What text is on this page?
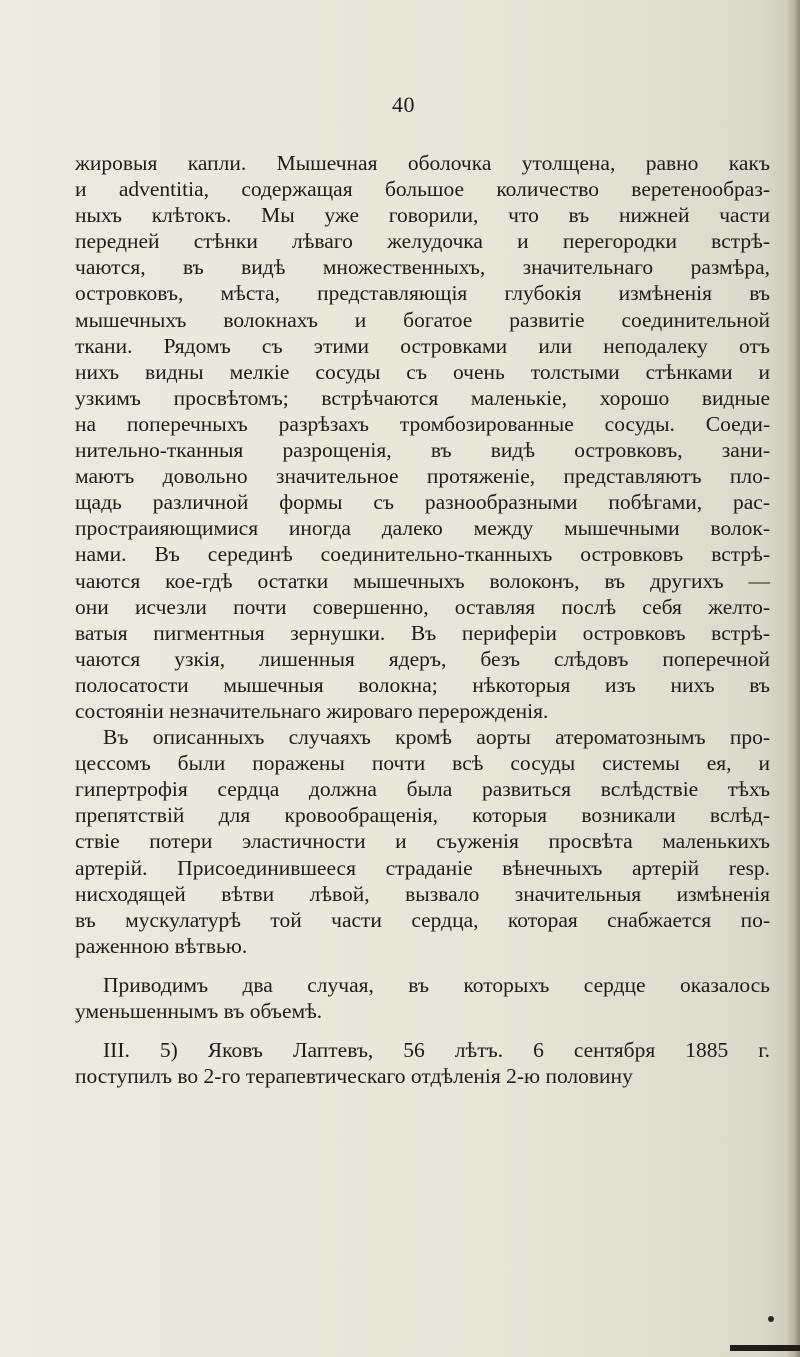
40
жировыя капли. Мышечная оболочка утолщена, равно какъ
и adventitia, содержащая большое количество веретенообраз-
ныхъ клѣтокъ. Мы уже говорили, что въ нижней части
передней стѣнки лѣваго желудочка и перегородки встрѣ-
чаются, въ видѣ множественныхъ, значительнаго размѣра,
островковъ, мѣста, представляющія глубокія измѣненія въ
мышечныхъ волокнахъ и богатое развитіе соединительной
ткани. Рядомъ съ этими островками или неподалеку отъ
нихъ видны мелкіе сосуды съ очень толстыми стѣнками и
узкимъ просвѣтомъ; встрѣчаются маленькіе, хорошо видные
на поперечныхъ разрѣзахъ тромбозированные сосуды. Соеди-
нительно-тканныя разрощенія, въ видѣ островковъ, зани-
маютъ довольно значительное протяженіе, представляютъ пло-
щадь различной формы съ разнообразными побѣгами, рас-
простраияющимися иногда далеко между мышечными волок-
нами. Въ серединѣ соединительно-тканныхъ островковъ встрѣ-
чаются кое-гдѣ остатки мышечныхъ волоконъ, въ другихъ —
они исчезли почти совершенно, оставляя послѣ себя желто-
ватыя пигментныя зернушки. Въ периферіи островковъ встрѣ-
чаются узкія, лишенныя ядеръ, безъ слѣдовъ поперечной
полосатости мышечныя волокна; нѣкоторыя изъ нихъ въ
состояніи незначительнаго жироваго перерожденія.
Въ описанныхъ случаяхъ кромѣ аорты атероматознымъ про-
цессомъ были поражены почти всѣ сосуды системы ея, и
гипертрофія сердца должна была развиться вслѣдствіе тѣхъ
препятствій для кровообращенія, которыя возникали вслѣд-
ствіе потери эластичности и съуженія просвѣта маленькихъ
артерій. Присоединившееся страданіе вѣнечныхъ артерій resp.
нисходящей вѣтви лѣвой, вызвало значительныя измѣненія
въ мускулатурѣ той части сердца, которая снабжается по-
раженною вѣтвью.
Приводимъ два случая, въ которыхъ сердце оказалось
уменьшеннымъ въ объемѣ.
III. 5) Яковъ Лаптевъ, 56 лѣтъ. 6 сентября 1885 г.
поступилъ во 2-го терапевтическаго отдѣленія 2-ю половину
